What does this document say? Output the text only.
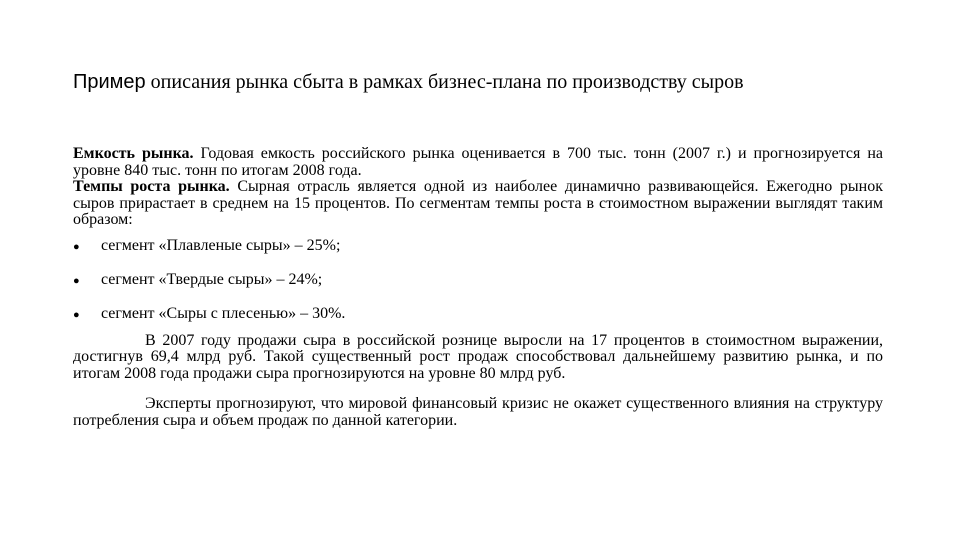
Пример описания рынка сбыта в рамках бизнес-плана по производству сыров

Емкость рынка. Годовая емкость российского рынка оценивается в 700 тыс. тонн (2007 г.) и прогнозируется на уровне 840 тыс. тонн по итогам 2008 года.

Темпы роста рынка. Сырная отрасль является одной из наиболее динамично развивающейся. Ежегодно рынок сыров прирастает в среднем на 15 процентов. По сегментам темпы роста в стоимостном выражении выглядят таким образом:

● сегмент «Плавленые сыры» – 25%;
● сегмент «Твердые сыры» – 24%;
● сегмент «Сыры с плесенью» – 30%.

В 2007 году продажи сыра в российской рознице выросли на 17 процентов в стоимостном выражении, достигнув 69,4 млрд руб. Такой существенный рост продаж способствовал дальнейшему развитию рынка, и по итогам 2008 года продажи сыра прогнозируются на уровне 80 млрд руб.

Эксперты прогнозируют, что мировой финансовый кризис не окажет существенного влияния на структуру потребления сыра и объем продаж по данной категории.
